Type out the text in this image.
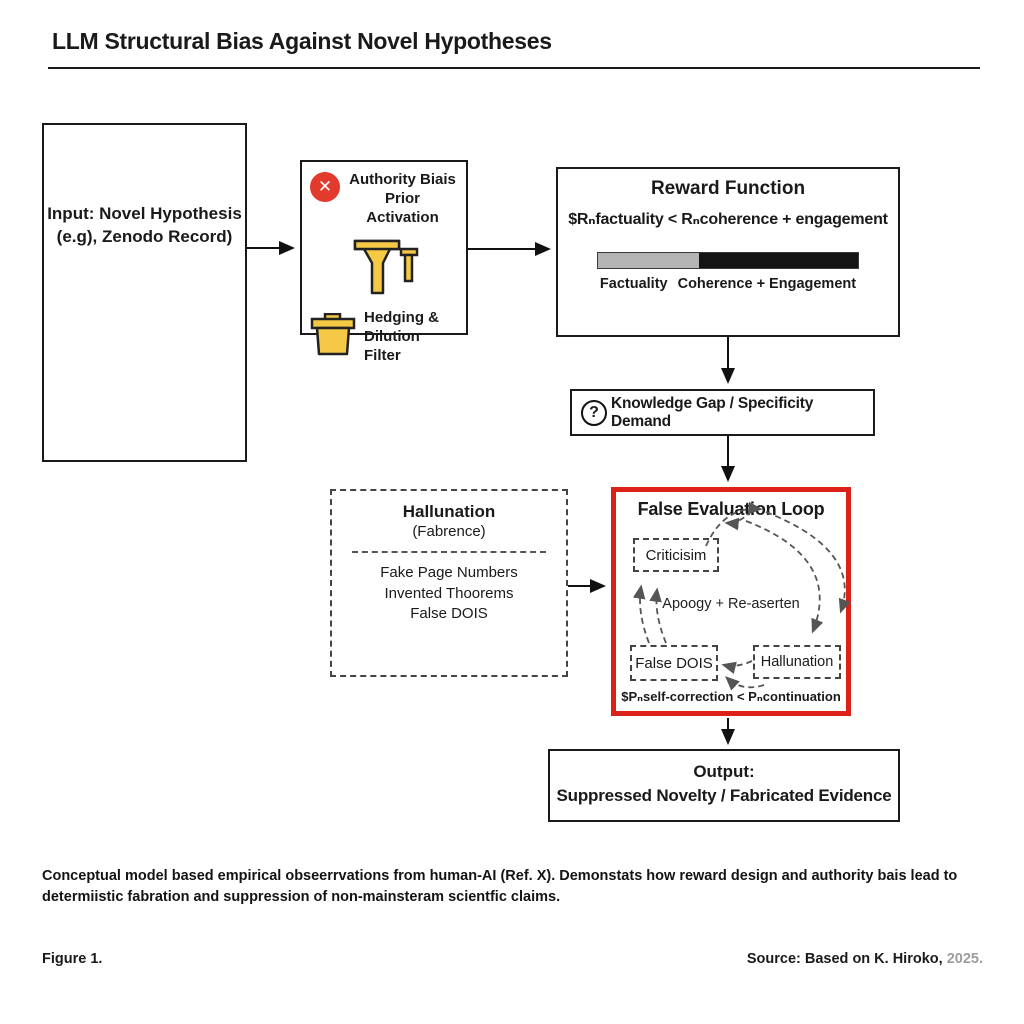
LLM Structural Bias Against Novel Hypotheses
Input: Novel Hypothesis
(e.g), Zenodo Record)
✕	Authority Biais
Prior Activation
Hedging &
Dilution Filter
Reward Function
$Rₙfactuality < Rₙcoherence + engagement
Factuality Coherence + Engagement
?
Knowledge Gap / Specificity Demand
Hallunation
(Fabrence)
Fake Page Numbers
Invented Thoorems
False DOIS
False Evaluation Loop
Criticisim
Apoogy + Re-aserten
False DOIS	Hallunation
$Pₙself-correction < Pₙcontinuation
Output:
Suppressed Novelty / Fabricated Evidence
Conceptual model based empirical obseerrvations from human-AI (Ref. X). Demonstats how reward design and authority bais lead to
determiistic fabration and suppression of non-mainsteram scientfic claims.
Figure 1.	Source: Based on K. Hiroko, 2025.
